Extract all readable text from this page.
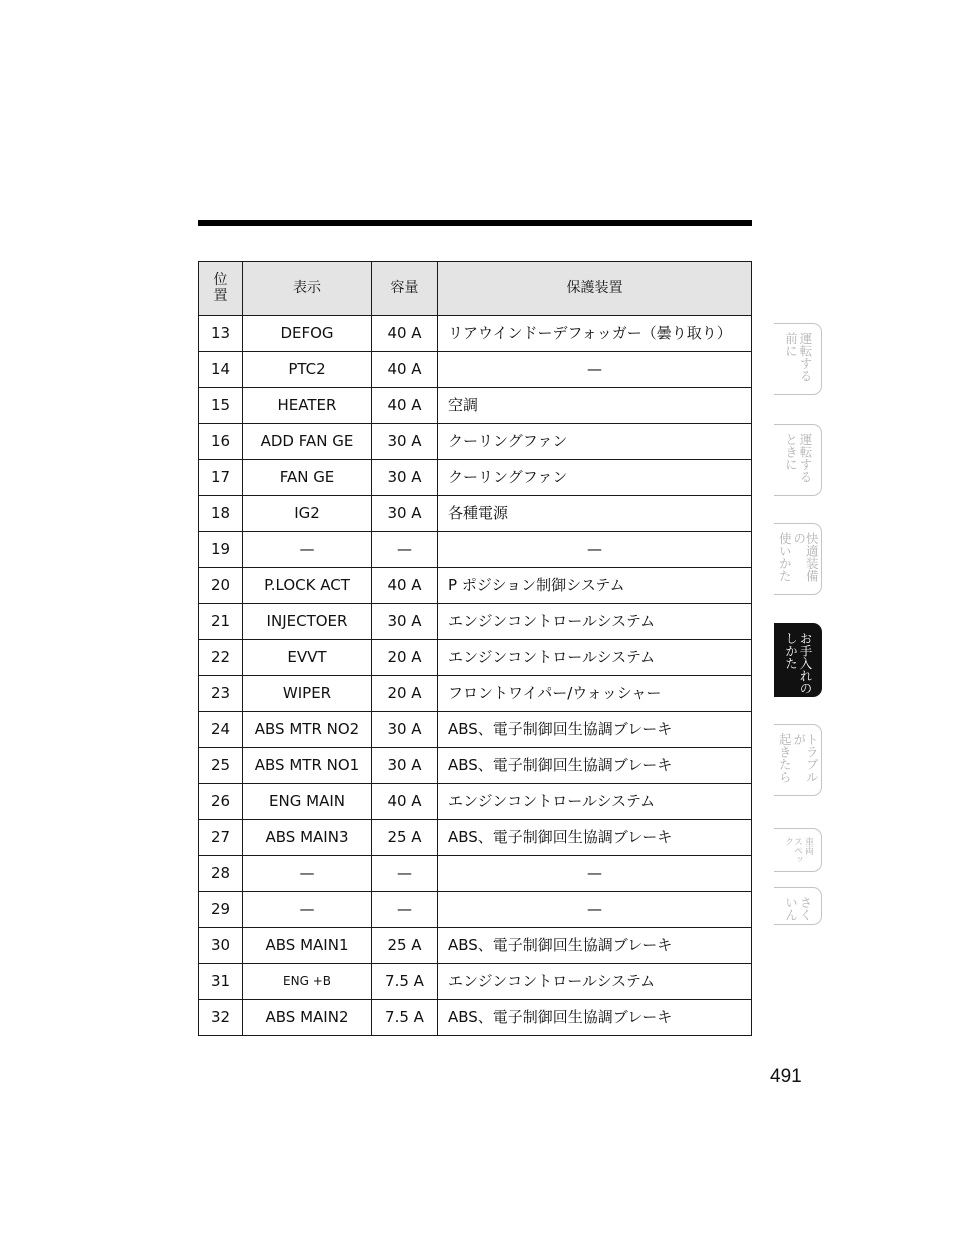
位
置	表示	容量	保護装置
13	DEFOG	40 A	リアウインドーデフォッガー（曇り取り）
14	PTC2	40 A	—
15	HEATER	40 A	空調
16	ADD FAN GE	30 A	クーリングファン
17	FAN GE	30 A	クーリングファン
18	IG2	30 A	各種電源
19	—	—	—
20	P.LOCK ACT	40 A	P ポジション制御システム
21	INJECTOER	30 A	エンジンコントロールシステム
22	EVVT	20 A	エンジンコントロールシステム
23	WIPER	20 A	フロントワイパー/ウォッシャー
24	ABS MTR NO2	30 A	ABS、電子制御回生協調ブレーキ
25	ABS MTR NO1	30 A	ABS、電子制御回生協調ブレーキ
26	ENG MAIN	40 A	エンジンコントロールシステム
27	ABS MAIN3	25 A	ABS、電子制御回生協調ブレーキ
28	—	—	—
29	—	—	—
30	ABS MAIN1	25 A	ABS、電子制御回生協調ブレーキ
31	ENG +B	7.5 A	エンジンコントロールシステム
32	ABS MAIN2	7.5 A	ABS、電子制御回生協調ブレーキ
運転する
前に
運転する
ときに
快適装備の
使いかた
お手入れの
しかた
トラブルが
起きたら
車両
スペック
さく
いん
491
